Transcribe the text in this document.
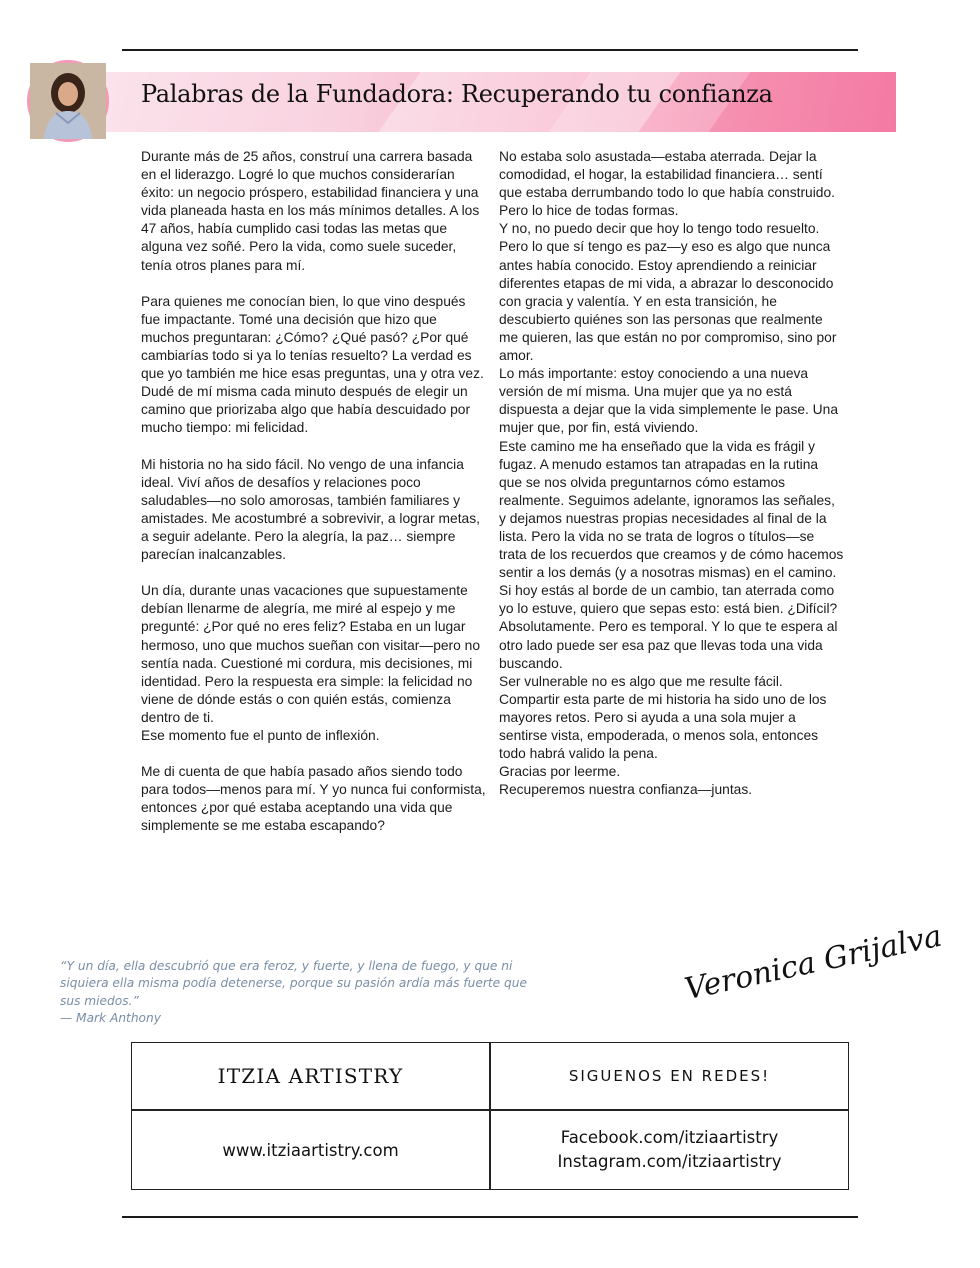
Palabras de la Fundadora: Recuperando tu confianza

Durante más de 25 años, construí una carrera basada en el liderazgo. Logré lo que muchos considerarían éxito: un negocio próspero, estabilidad financiera y una vida planeada hasta en los más mínimos detalles. A los 47 años, había cumplido casi todas las metas que alguna vez soñé. Pero la vida, como suele suceder, tenía otros planes para mí.

Para quienes me conocían bien, lo que vino después fue impactante. Tomé una decisión que hizo que muchos preguntaran: ¿Cómo? ¿Qué pasó? ¿Por qué cambiarías todo si ya lo tenías resuelto? La verdad es que yo también me hice esas preguntas, una y otra vez. Dudé de mí misma cada minuto después de elegir un camino que priorizaba algo que había descuidado por mucho tiempo: mi felicidad.

Mi historia no ha sido fácil. No vengo de una infancia ideal. Viví años de desafíos y relaciones poco saludables—no solo amorosas, también familiares y amistades. Me acostumbré a sobrevivir, a lograr metas, a seguir adelante. Pero la alegría, la paz… siempre parecían inalcanzables.

Un día, durante unas vacaciones que supuestamente debían llenarme de alegría, me miré al espejo y me pregunté: ¿Por qué no eres feliz? Estaba en un lugar hermoso, uno que muchos sueñan con visitar—pero no sentía nada. Cuestioné mi cordura, mis decisiones, mi identidad. Pero la respuesta era simple: la felicidad no viene de dónde estás o con quién estás, comienza dentro de ti.

Ese momento fue el punto de inflexión.

Me di cuenta de que había pasado años siendo todo para todos—menos para mí. Y yo nunca fui conformista, entonces ¿por qué estaba aceptando una vida que simplemente se me estaba escapando?

No estaba solo asustada—estaba aterrada. Dejar la comodidad, el hogar, la estabilidad financiera… sentí que estaba derrumbando todo lo que había construido.

Pero lo hice de todas formas.

Y no, no puedo decir que hoy lo tengo todo resuelto. Pero lo que sí tengo es paz—y eso es algo que nunca antes había conocido. Estoy aprendiendo a reiniciar diferentes etapas de mi vida, a abrazar lo desconocido con gracia y valentía. Y en esta transición, he descubierto quiénes son las personas que realmente me quieren, las que están no por compromiso, sino por amor.

Lo más importante: estoy conociendo a una nueva versión de mí misma. Una mujer que ya no está dispuesta a dejar que la vida simplemente le pase. Una mujer que, por fin, está viviendo.

Este camino me ha enseñado que la vida es frágil y fugaz. A menudo estamos tan atrapadas en la rutina que se nos olvida preguntarnos cómo estamos realmente. Seguimos adelante, ignoramos las señales, y dejamos nuestras propias necesidades al final de la lista. Pero la vida no se trata de logros o títulos—se trata de los recuerdos que creamos y de cómo hacemos sentir a los demás (y a nosotras mismas) en el camino.

Si hoy estás al borde de un cambio, tan aterrada como yo lo estuve, quiero que sepas esto: está bien. ¿Difícil? Absolutamente. Pero es temporal. Y lo que te espera al otro lado puede ser esa paz que llevas toda una vida buscando.

Ser vulnerable no es algo que me resulte fácil. Compartir esta parte de mi historia ha sido uno de los mayores retos. Pero si ayuda a una sola mujer a sentirse vista, empoderada, o menos sola, entonces todo habrá valido la pena.

Gracias por leerme.

Recuperemos nuestra confianza—juntas.

“Y un día, ella descubrió que era feroz, y fuerte, y llena de fuego, y que ni siquiera ella misma podía detenerse, porque su pasión ardía más fuerte que sus miedos.”
— Mark Anthony
Veronica Grijalva
ITZIA ARTISTRY	SIGUENOS EN REDES!
www.itziaartistry.com
Facebook.com/itziaartistry
Instagram.com/itziaartistry
